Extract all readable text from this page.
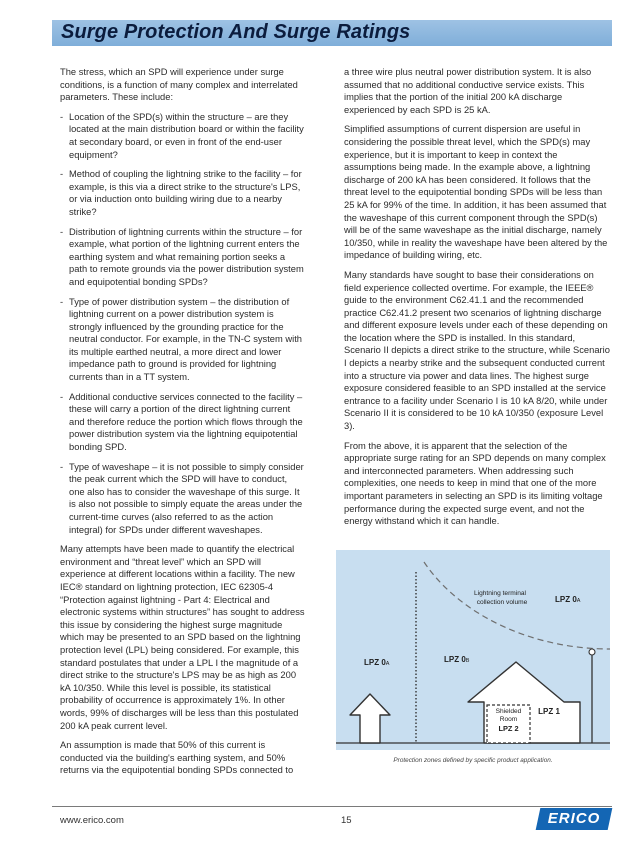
Surge Protection And Surge Ratings

The stress, which an SPD will experience under surge conditions, is a function of many complex and interrelated parameters. These include:

- Location of the SPD(s) within the structure – are they located at the main distribution board or within the facility at secondary board, or even in front of the end-user equipment?
- Method of coupling the lightning strike to the facility – for example, is this via a direct strike to the structure's LPS, or via induction onto building wiring due to a nearby strike?
- Distribution of lightning currents within the structure – for example, what portion of the lightning current enters the earthing system and what remaining portion seeks a path to remote grounds via the power distribution system and equipotential bonding SPDs?
- Type of power distribution system – the distribution of lightning current on a power distribution system is strongly influenced by the grounding practice for the neutral conductor. For example, in the TN-C system with its multiple earthed neutral, a more direct and lower impedance path to ground is provided for lightning currents than in a TT system.
- Additional conductive services connected to the facility – these will carry a portion of the direct lightning current and therefore reduce the portion which flows through the power distribution system via the lightning equipotential bonding SPD.
- Type of waveshape – it is not possible to simply consider the peak current which the SPD will have to conduct, one also has to consider the waveshape of this surge. It is also not possible to simply equate the areas under the current-time curves (also referred to as the action integral) for SPDs under different waveshapes.

Many attempts have been made to quantify the electrical environment and “threat level” which an SPD will experience at different locations within a facility. The new IEC® standard on lightning protection, IEC 62305-4 “Protection against lightning - Part 4: Electrical and electronic systems within structures” has sought to address this issue by considering the highest surge magnitude which may be presented to an SPD based on the lightning protection level (LPL) being considered. For example, this standard postulates that under a LPL I the magnitude of a direct strike to the structure's LPS may be as high as 200 kA 10/350. While this level is possible, its statistical probability of occurrence is approximately 1%. In other words, 99% of discharges will be less than this postulated 200 kA peak current level.

An assumption is made that 50% of this current is conducted via the building's earthing system, and 50% returns via the equipotential bonding SPDs connected to

a three wire plus neutral power distribution system. It is also assumed that no additional conductive service exists. This implies that the portion of the initial 200 kA discharge experienced by each SPD is 25 kA.

Simplified assumptions of current dispersion are useful in considering the possible threat level, which the SPD(s) may experience, but it is important to keep in context the assumptions being made. In the example above, a lightning discharge of 200 kA has been considered. It follows that the threat level to the equipotential bonding SPDs will be less than 25 kA for 99% of the time. In addition, it has been assumed that the waveshape of this current component through the SPD(s) will be of the same waveshape as the initial discharge, namely 10/350, while in reality the waveshape have been altered by the impedance of building wiring, etc.

Many standards have sought to base their considerations on field experience collected overtime. For example, the IEEE® guide to the environment C62.41.1 and the recommended practice C62.41.2 present two scenarios of lightning discharge and different exposure levels under each of these depending on the location where the SPD is installed. In this standard, Scenario II depicts a direct strike to the structure, while Scenario I depicts a nearby strike and the subsequent conducted current into a structure via power and data lines. The highest surge exposure considered feasible to an SPD installed at the service entrance to a facility under Scenario I is 10 kA 8/20, while under Scenario II it is considered to be 10 kA 10/350 (exposure Level 3).

From the above, it is apparent that the selection of the appropriate surge rating for an SPD depends on many complex and interconnected parameters. When addressing such complexities, one needs to keep in mind that one of the more important parameters in selecting an SPD is its limiting voltage performance during the expected surge event, and not the energy withstand which it can handle.

Lightning terminal
collection volume	LPZ 0A
LPZ 0A	LPZ 0B
Shielded
Room
LPZ 2
LPZ 1
Protection zones defined by specific product application.
www.erico.com	15	ERICO
